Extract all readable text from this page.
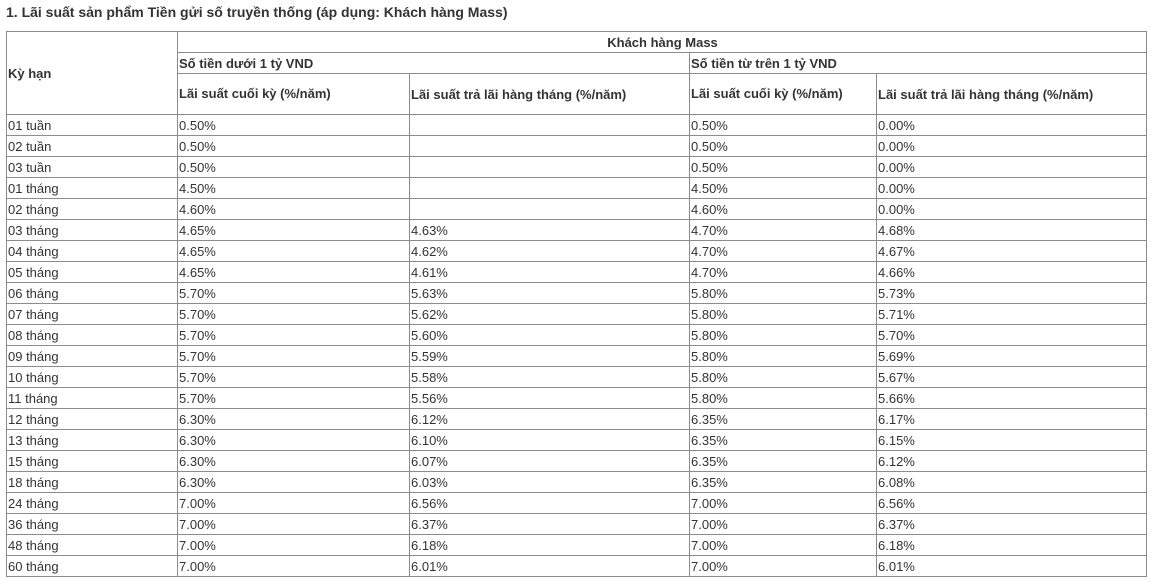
1. Lãi suất sản phẩm Tiền gửi số truyền thống (áp dụng: Khách hàng Mass)
Kỳ hạn	Khách hàng Mass			
	Số tiền dưới 1 tỷ VND		Số tiền từ trên 1 tỷ VND	
	Lãi suất cuối kỳ (%/năm)	Lãi suất trả lãi hàng tháng (%/năm)	Lãi suất cuối kỳ (%/năm)	Lãi suất trả lãi hàng tháng (%/năm)
01 tuần	0.50%		0.50%	0.00%
02 tuần	0.50%		0.50%	0.00%
03 tuần	0.50%		0.50%	0.00%
01 tháng	4.50%		4.50%	0.00%
02 tháng	4.60%		4.60%	0.00%
03 tháng	4.65%	4.63%	4.70%	4.68%
04 tháng	4.65%	4.62%	4.70%	4.67%
05 tháng	4.65%	4.61%	4.70%	4.66%
06 tháng	5.70%	5.63%	5.80%	5.73%
07 tháng	5.70%	5.62%	5.80%	5.71%
08 tháng	5.70%	5.60%	5.80%	5.70%
09 tháng	5.70%	5.59%	5.80%	5.69%
10 tháng	5.70%	5.58%	5.80%	5.67%
11 tháng	5.70%	5.56%	5.80%	5.66%
12 tháng	6.30%	6.12%	6.35%	6.17%
13 tháng	6.30%	6.10%	6.35%	6.15%
15 tháng	6.30%	6.07%	6.35%	6.12%
18 tháng	6.30%	6.03%	6.35%	6.08%
24 tháng	7.00%	6.56%	7.00%	6.56%
36 tháng	7.00%	6.37%	7.00%	6.37%
48 tháng	7.00%	6.18%	7.00%	6.18%
60 tháng	7.00%	6.01%	7.00%	6.01%
